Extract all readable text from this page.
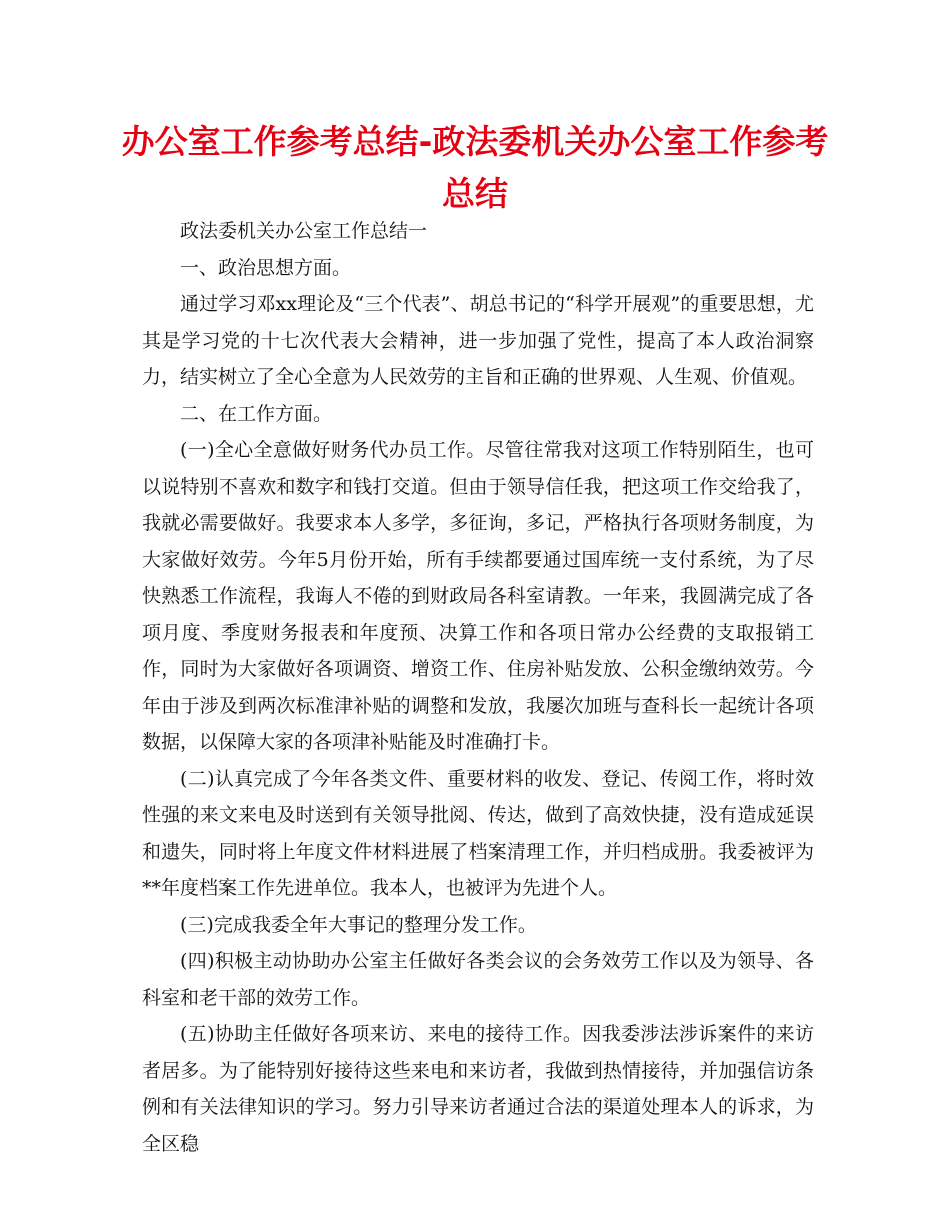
办公室工作参考总结-政法委机关办公室工作参考总结

政法委机关办公室工作总结一

一、政治思想方面。

通过学习邓xx理论及“三个代表”、胡总书记的“科学开展观”的重要思想，尤其是学习党的十七次代表大会精神，进一步加强了党性，提高了本人政治洞察力，结实树立了全心全意为人民效劳的主旨和正确的世界观、人生观、价值观。

二、在工作方面。

(一)全心全意做好财务代办员工作。尽管往常我对这项工作特别陌生，也可以说特别不喜欢和数字和钱打交道。但由于领导信任我，把这项工作交给我了，我就必需要做好。我要求本人多学，多征询，多记，严格执行各项财务制度，为大家做好效劳。今年5月份开始，所有手续都要通过国库统一支付系统，为了尽快熟悉工作流程，我诲人不倦的到财政局各科室请教。一年来，我圆满完成了各项月度、季度财务报表和年度预、决算工作和各项日常办公经费的支取报销工作，同时为大家做好各项调资、增资工作、住房补贴发放、公积金缴纳效劳。今年由于涉及到两次标准津补贴的调整和发放，我屡次加班与查科长一起统计各项数据，以保障大家的各项津补贴能及时准确打卡。

(二)认真完成了今年各类文件、重要材料的收发、登记、传阅工作，将时效性强的来文来电及时送到有关领导批阅、传达，做到了高效快捷，没有造成延误和遗失，同时将上年度文件材料进展了档案清理工作，并归档成册。我委被评为**年度档案工作先进单位。我本人，也被评为先进个人。

(三)完成我委全年大事记的整理分发工作。

(四)积极主动协助办公室主任做好各类会议的会务效劳工作以及为领导、各科室和老干部的效劳工作。

(五)协助主任做好各项来访、来电的接待工作。因我委涉法涉诉案件的来访者居多。为了能特别好接待这些来电和来访者，我做到热情接待，并加强信访条例和有关法律知识的学习。努力引导来访者通过合法的渠道处理本人的诉求，为全区稳
